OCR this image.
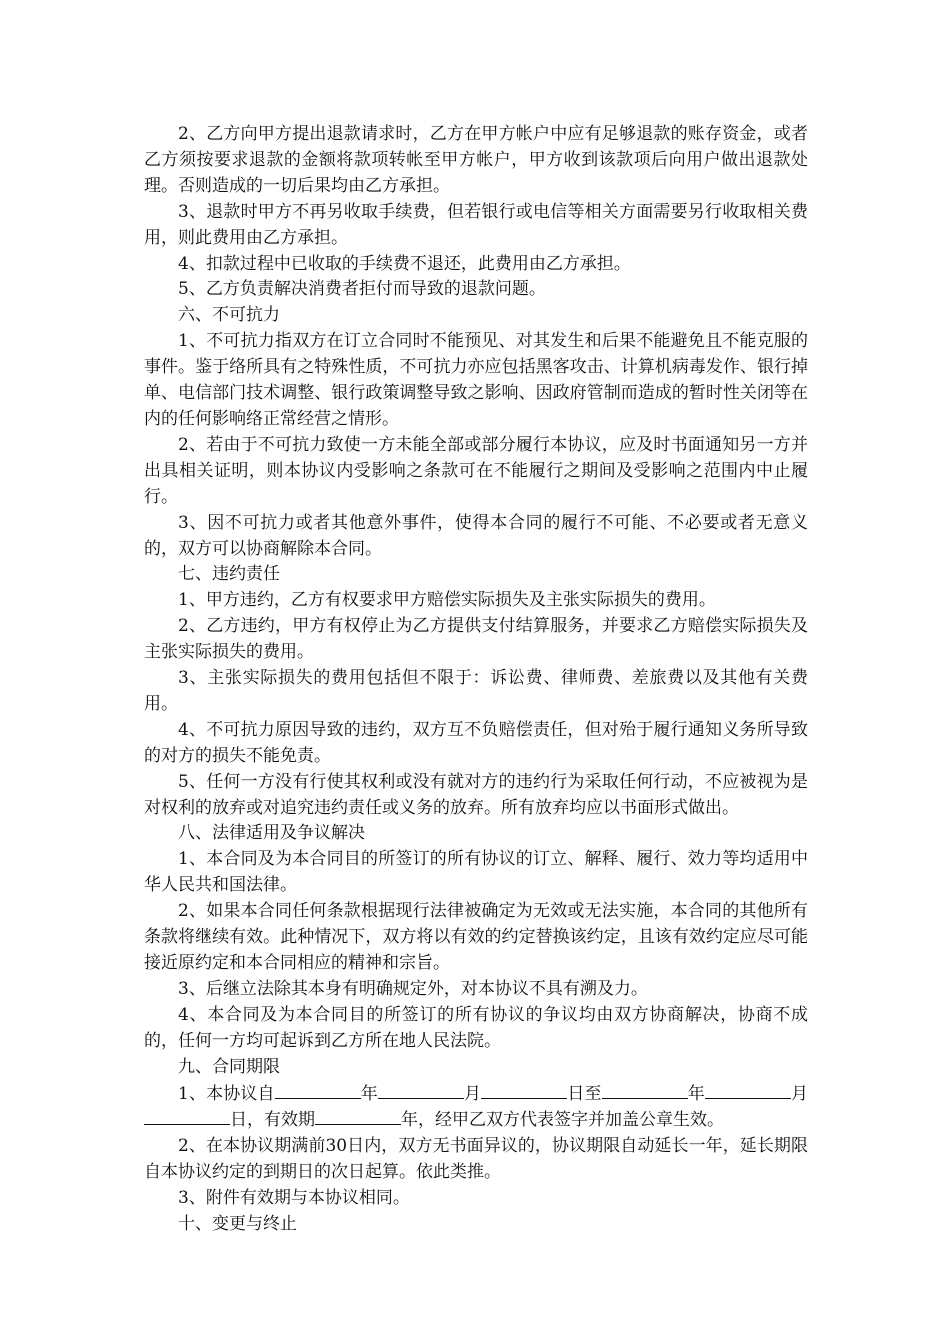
2、乙方向甲方提出退款请求时，乙方在甲方帐户中应有足够退款的账存资金，或者乙方须按要求退款的金额将款项转帐至甲方帐户，甲方收到该款项后向用户做出退款处理。否则造成的一切后果均由乙方承担。

3、退款时甲方不再另收取手续费，但若银行或电信等相关方面需要另行收取相关费用，则此费用由乙方承担。

4、扣款过程中已收取的手续费不退还，此费用由乙方承担。

5、乙方负责解决消费者拒付而导致的退款问题。

六、不可抗力

1、不可抗力指双方在订立合同时不能预见、对其发生和后果不能避免且不能克服的事件。鉴于络所具有之特殊性质，不可抗力亦应包括黑客攻击、计算机病毒发作、银行掉单、电信部门技术调整、银行政策调整导致之影响、因政府管制而造成的暂时性关闭等在内的任何影响络正常经营之情形。

2、若由于不可抗力致使一方未能全部或部分履行本协议，应及时书面通知另一方并出具相关证明，则本协议内受影响之条款可在不能履行之期间及受影响之范围内中止履行。

3、因不可抗力或者其他意外事件，使得本合同的履行不可能、不必要或者无意义的，双方可以协商解除本合同。

七、违约责任

1、甲方违约，乙方有权要求甲方赔偿实际损失及主张实际损失的费用。

2、乙方违约，甲方有权停止为乙方提供支付结算服务，并要求乙方赔偿实际损失及主张实际损失的费用。

3、主张实际损失的费用包括但不限于：诉讼费、律师费、差旅费以及其他有关费用。

4、不可抗力原因导致的违约，双方互不负赔偿责任，但对殆于履行通知义务所导致的对方的损失不能免责。

5、任何一方没有行使其权利或没有就对方的违约行为采取任何行动，不应被视为是对权利的放弃或对追究违约责任或义务的放弃。所有放弃均应以书面形式做出。

八、法律适用及争议解决

1、本合同及为本合同目的所签订的所有协议的订立、解释、履行、效力等均适用中华人民共和国法律。

2、如果本合同任何条款根据现行法律被确定为无效或无法实施，本合同的其他所有条款将继续有效。此种情况下，双方将以有效的约定替换该约定，且该有效约定应尽可能接近原约定和本合同相应的精神和宗旨。

3、后继立法除其本身有明确规定外，对本协议不具有溯及力。

4、本合同及为本合同目的所签订的所有协议的争议均由双方协商解决，协商不成的，任何一方均可起诉到乙方所在地人民法院。

九、合同期限

1、本协议自	年	月	日至	年	月日，有效期	年，经甲乙双方代表签字并加盖公章生效。

2、在本协议期满前30日内，双方无书面异议的，协议期限自动延长一年，延长期限自本协议约定的到期日的次日起算。依此类推。

3、附件有效期与本协议相同。

十、变更与终止
